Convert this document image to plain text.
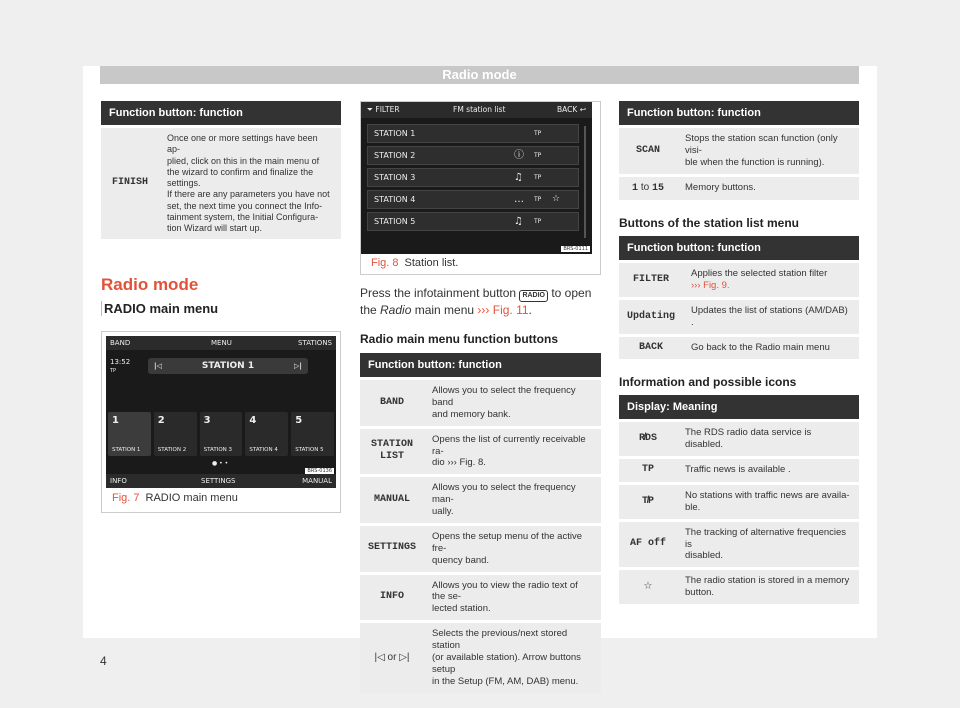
Radio mode
Function button: function
FINISH	
Once one or more settings have been ap-
plied, click on this in the main menu of
the wizard to confirm and finalize the
settings.
If there are any parameters you have not
set, the next time you connect the Info-
tainment system, the Initial Configura-
tion Wizard will start up.
Radio mode
RADIO main menu
BAND	MENU	STATIONS
13:52
TP
|◁	STATION 1	▷|
1
STATION 1
2
STATION 2
3
STATION 3
4
STATION 4
5
STATION 5
● • •
INFO	SETTINGS	MANUAL
BRS-0136
Fig. 7 RADIO main menu
⏷ FILTER	FM station list	BACK ↩
STATION 1	TP
STATION 2	ⓘ TP
STATION 3	♫ TP
STATION 4	… TP ☆
STATION 5	♫ TP
BRS-0111
Fig. 8 Station list.
Press the infotainment button RADIO to open
the Radio main menu ››› Fig. 11.
Radio main menu function buttons
Function button: function	
BAND	Allows you to select the frequency band
and memory bank.

STATION LIST	Opens the list of currently receivable ra-
dio ››› Fig. 8.

MANUAL	Allows you to select the frequency man-
ually.

SETTINGS	Opens the setup menu of the active fre-
quency band.

INFO	Allows you to view the radio text of the se-
lected station.

|◁ or ▷|	Selects the previous/next stored station
(or available station). Arrow buttons setup
in the Setup (FM, AM, DAB) menu.
Function button: function	
SCAN	Stops the station scan function (only visi-
ble when the function is running).

1 to 15	Memory buttons.
Buttons of the station list menu
Function button: function	
FILTER	Applies the selected station filter
››› Fig. 9.

Updating	Updates the list of stations (AM/DAB) .

BACK	Go back to the Radio main menu
Information and possible icons
Display: Meaning	
R̸DS	The RDS radio data service is disabled.

TP	Traffic news is available .

T̸P	No stations with traffic news are availa-
ble.

AF off	The tracking of alternative frequencies is
disabled.

☆	The radio station is stored in a memory
button.
4
